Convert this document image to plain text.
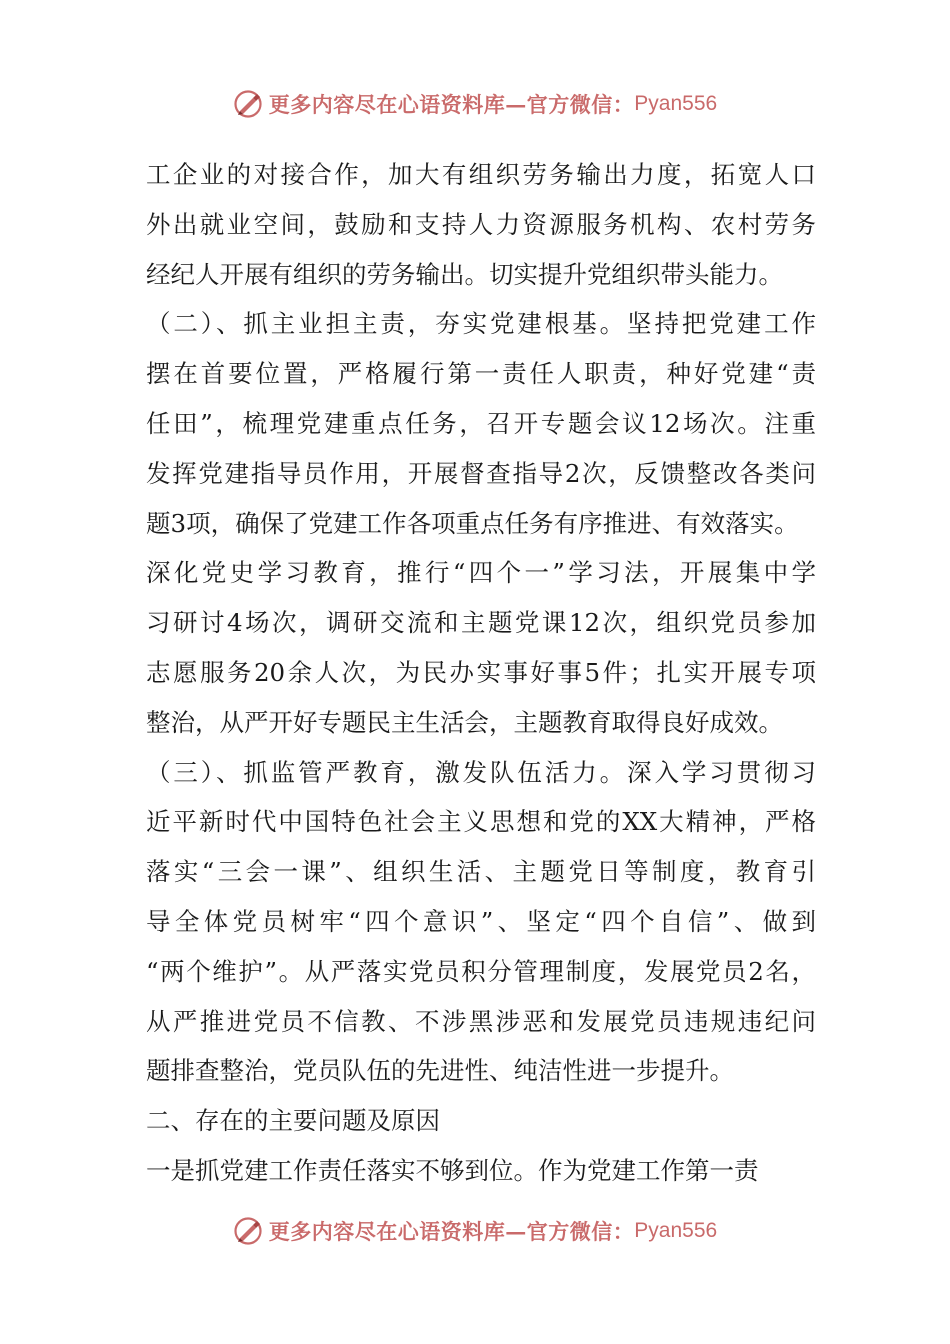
更多内容尽在心语资料库—官方微信： Pyan556
工企业的对接合作，加大有组织劳务输出力度，拓宽人口
外出就业空间，鼓励和支持人力资源服务机构、农村劳务
经纪人开展有组织的劳务输出。切实提升党组织带头能力。
（二）、抓主业担主责，夯实党建根基。坚持把党建工作
摆在首要位置，严格履行第一责任人职责，种好党建“责
任田”，梳理党建重点任务，召开专题会议12场次。注重
发挥党建指导员作用，开展督查指导2次，反馈整改各类问
题3项，确保了党建工作各项重点任务有序推进、有效落实。
深化党史学习教育，推行“四个一”学习法，开展集中学
习研讨4场次，调研交流和主题党课12次，组织党员参加
志愿服务20余人次，为民办实事好事5件；扎实开展专项
整治，从严开好专题民主生活会，主题教育取得良好成效。
（三）、抓监管严教育，激发队伍活力。深入学习贯彻习
近平新时代中国特色社会主义思想和党的XX大精神，严格
落实“三会一课”、组织生活、主题党日等制度，教育引
导全体党员树牢“四个意识”、坚定“四个自信”、做到
“两个维护”。从严落实党员积分管理制度，发展党员2名，
从严推进党员不信教、不涉黑涉恶和发展党员违规违纪问
题排查整治，党员队伍的先进性、纯洁性进一步提升。
二、存在的主要问题及原因
一是抓党建工作责任落实不够到位。作为党建工作第一责
更多内容尽在心语资料库—官方微信： Pyan556
